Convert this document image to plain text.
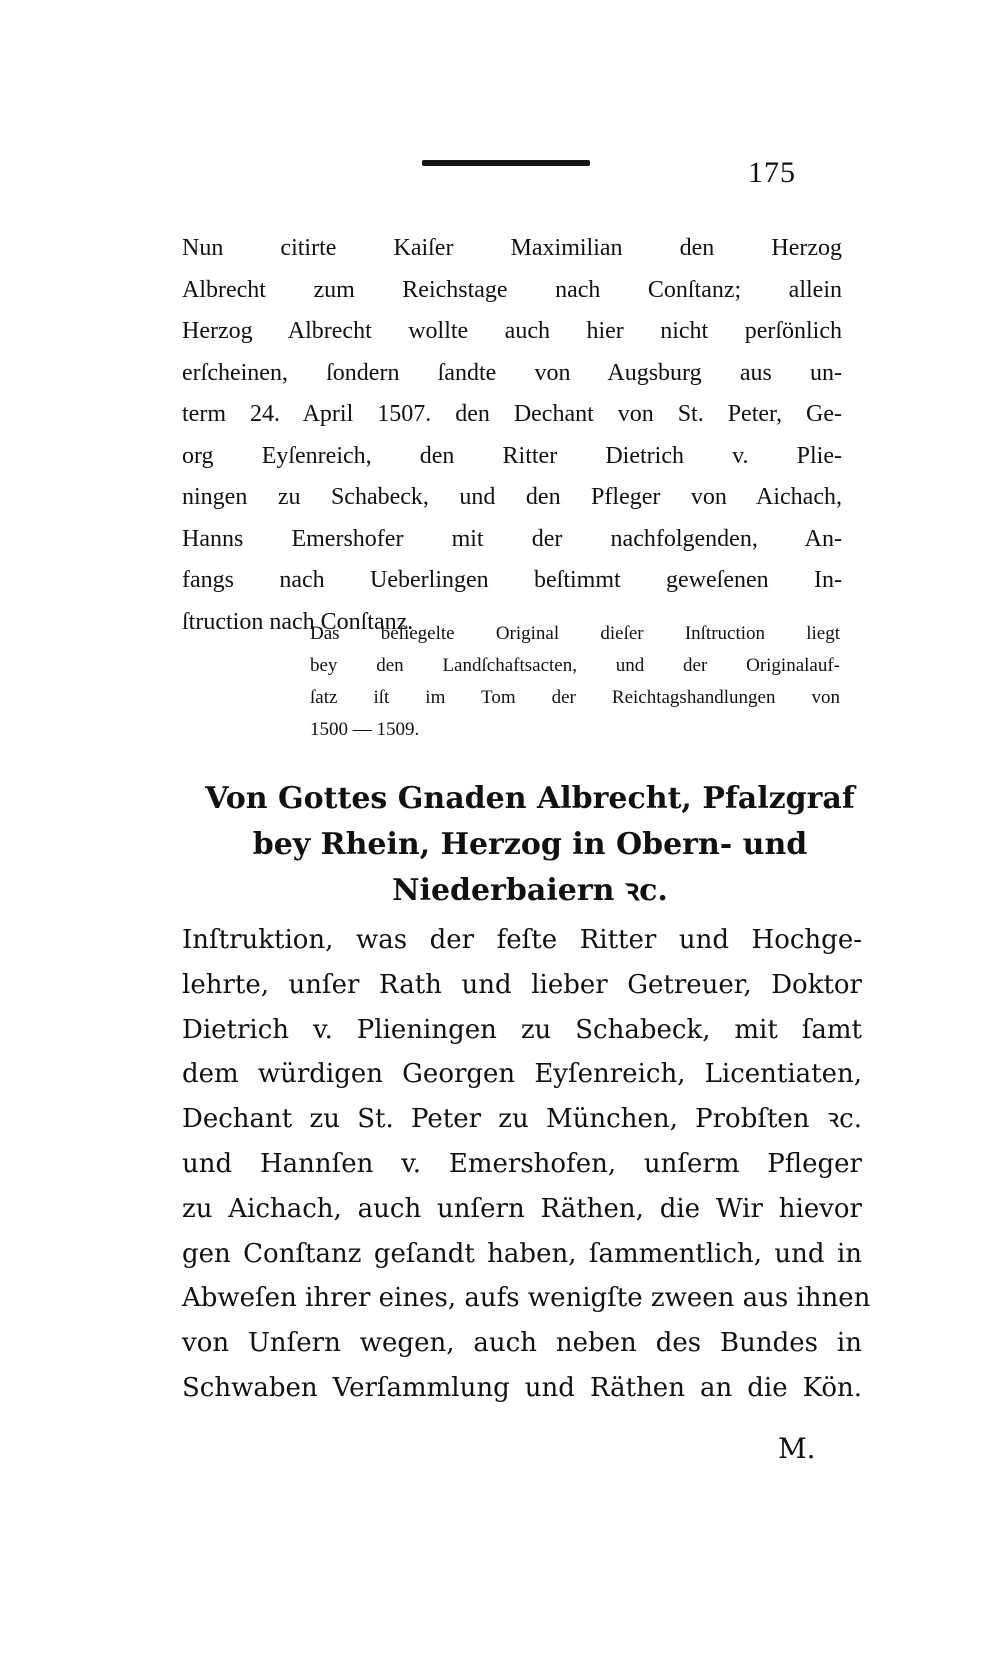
175
Nun citirte Kaiſer Maximilian den Herzog
Albrecht zum Reichstage nach Conſtanz; allein
Herzog Albrecht wollte auch hier nicht perſönlich
erſcheinen, ſondern ſandte von Augsburg aus un-
term 24. April 1507. den Dechant von St. Peter, Ge-
org Eyſenreich, den Ritter Dietrich v. Plie-
ningen zu Schabeck, und den Pfleger von Aichach,
Hanns Emershofer mit der nachfolgenden, An-
fangs nach Ueberlingen beſtimmt geweſenen In-
ſtruction nach Conſtanz.
Das beſiegelte Original dieſer Inſtruction liegt
bey den Landſchaftsacten, und der Originalauf-
ſatz iſt im Tom der Reichtagshandlungen von
1500 — 1509.
Von Gottes Gnaden Albrecht, Pfalzgraf
bey Rhein, Herzog in Obern- und
Niederbaiern ꝛc.
Inſtruktion, was der feſte Ritter und Hochge-
lehrte, unſer Rath und lieber Getreuer, Doktor
Dietrich v. Plieningen zu Schabeck, mit ſamt
dem würdigen Georgen Eyſenreich, Licentiaten,
Dechant zu St. Peter zu München, Probſten ꝛc.
und Hannſen v. Emershofen, unſerm Pfleger
zu Aichach, auch unſern Räthen, die Wir hievor
gen Conſtanz geſandt haben, ſammentlich, und in
Abweſen ihrer eines, aufs wenigſte zween aus ihnen
von Unſern wegen, auch neben des Bundes in
Schwaben Verſammlung und Räthen an die Kön.
M.
